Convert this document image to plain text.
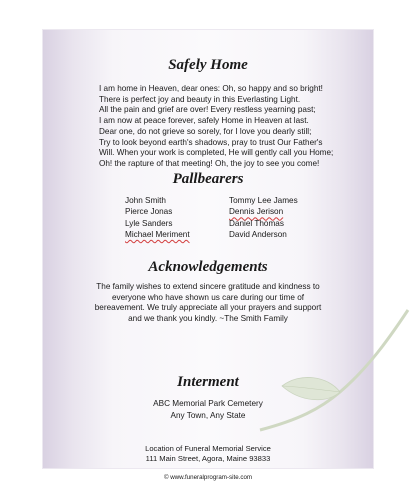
Safely Home
I am home in Heaven, dear ones: Oh, so happy and so bright!
There is perfect joy and beauty in this Everlasting Light.
All the pain and grief are over! Every restless yearning past;
I am now at peace forever, safely Home in Heaven at last.
Dear one, do not grieve so sorely, for I love you dearly still;
Try to look beyond earth's shadows, pray to trust Our Father's
Will. When your work is completed, He will gently call you Home;
Oh! the rapture of that meeting! Oh, the joy to see you come!
Pallbearers
John Smith
Pierce Jonas
Lyle Sanders
Michael Meriment
Tommy Lee James
Dennis Jerison
Daniel Thomas
David Anderson
Acknowledgements
The family wishes to extend sincere gratitude and kindness to
everyone who have shown us care during our time of
bereavement. We truly appreciate all your prayers and support
and we thank you kindly. ~The Smith Family
Interment
ABC Memorial Park Cemetery
Any Town, Any State
Location of Funeral Memorial Service
111 Main Street, Agora, Maine 93833
© www.funeralprogram-site.com
